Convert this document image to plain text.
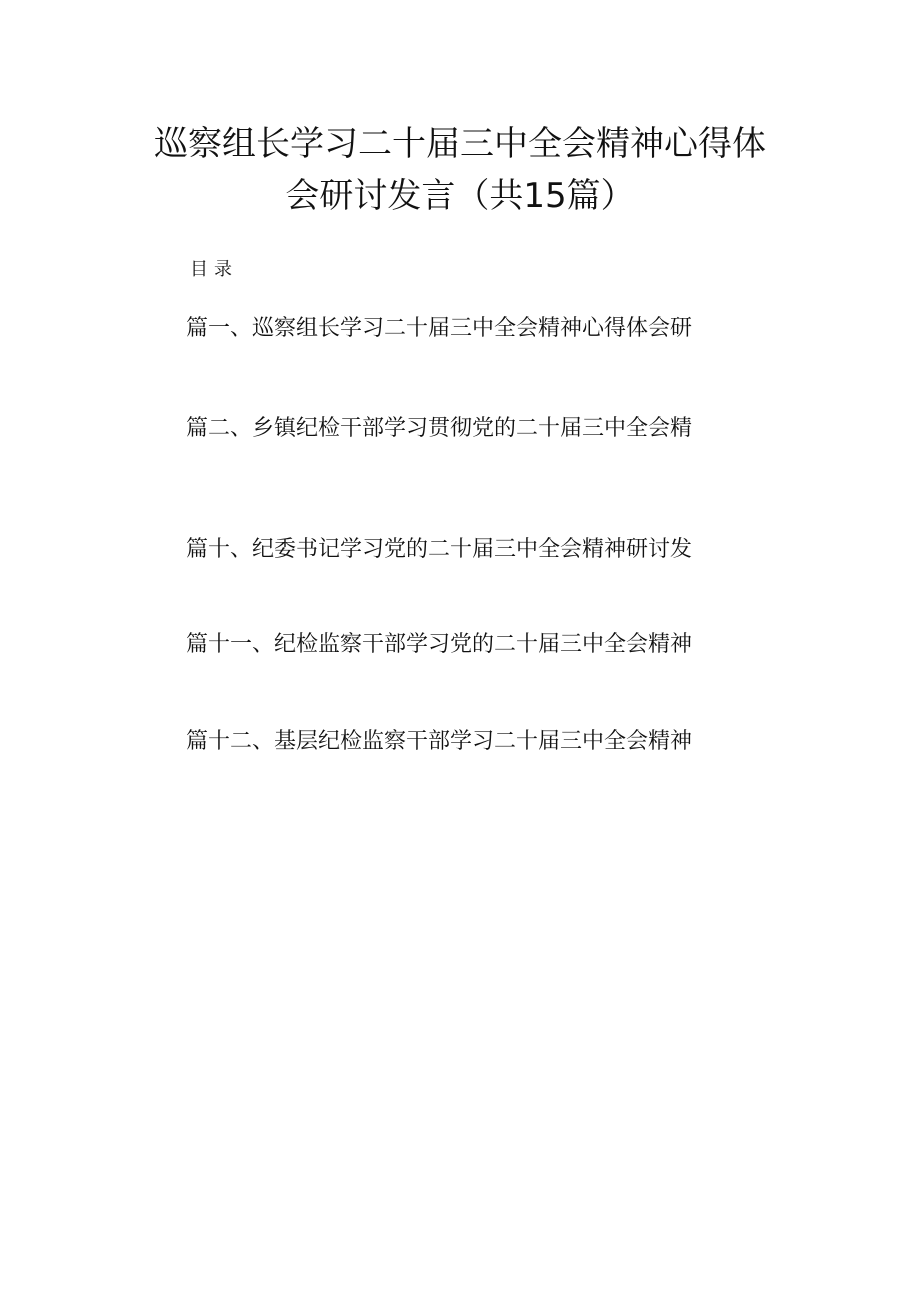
巡察组长学习二十届三中全会精神心得体
会研讨发言（共15篇）
目录
篇一、巡察组长学习二十届三中全会精神心得体会研
篇二、乡镇纪检干部学习贯彻党的二十届三中全会精
篇十、纪委书记学习党的二十届三中全会精神研讨发
篇十一、纪检监察干部学习党的二十届三中全会精神
篇十二、基层纪检监察干部学习二十届三中全会精神
